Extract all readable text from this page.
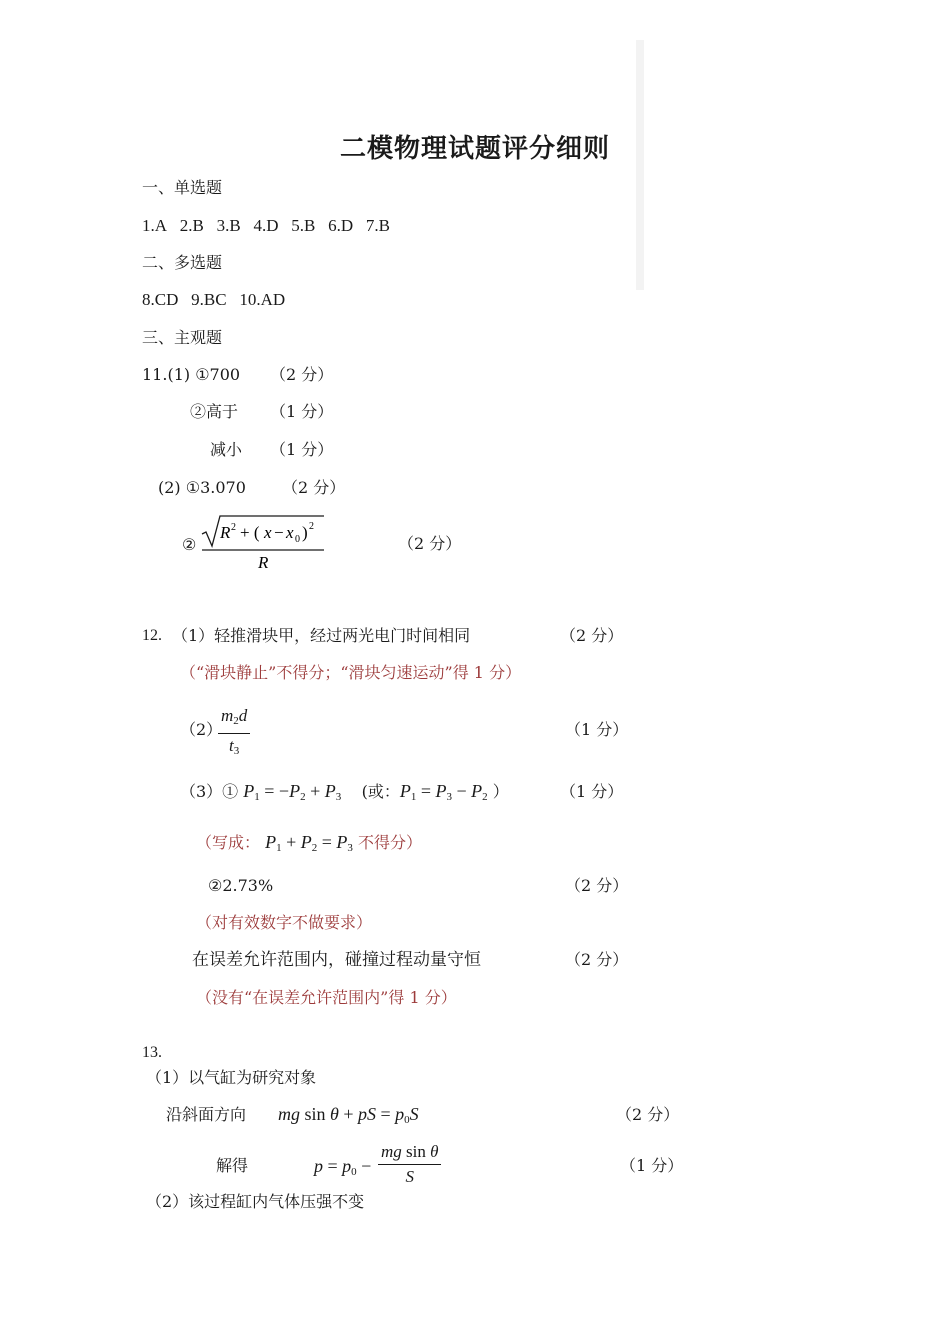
二模物理试题评分细则
一、单选题
1.A 2.B 3.B 4.D 5.B 6.D 7.B
二、多选题
8.CD 9.BC 10.AD
三、主观题
11.(1) ①700 （2 分）
②高于 （1 分）
减小 （1 分）
(2) ①3.070 （2 分）
②
R 2 + ( x − x 0 ) 2
R
（2 分）
12. （1）轻推滑块甲，经过两光电门时间相同	（2 分）
（“滑块静止”不得分；“滑块匀速运动”得 1 分）
（2）
$\frac{m_2d}{t_3}$	（1 分）
（3）① $P_1 = -P_2 + P_3$ (或：$P_1 = P_3 - P_2$ ）	（1 分）
（写成： $P_1 + P_2 = P_3$ 不得分）
②2.73%	（2 分）
（对有效数字不做要求）
在误差允许范围内，碰撞过程动量守恒	（2 分）
（没有“在误差允许范围内”得 1 分）
13.
（1）以气缸为研究对象
沿斜面方向 mg sin θ + pS = $p_0S$	（2 分）
解得	$p = p_0 - \frac{\text{mg sin θ}}{S}$	（1 分）
（2）该过程缸内气体压强不变
